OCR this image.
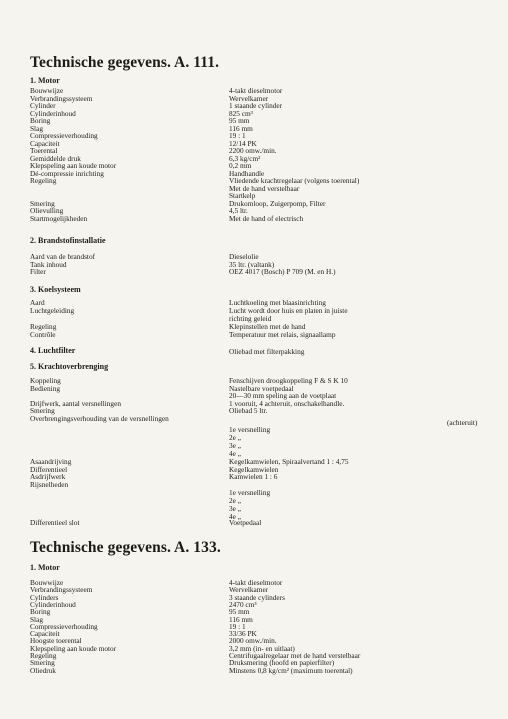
Technische gegevens. A. 111.
1. Motor
Bouwwijze	4-takt dieselmotor
Verbrandingssysteem	Wervelkamer
Cylinder	1 staande cylinder
Cylinderinhoud	825 cm³
Boring	95 mm
Slag	116 mm
Compressieverhouding	19 : 1
Capaciteit	12/14 PK
Toerental	2200 omw./min.
Gemiddelde druk	6,3 kg/cm²
Klepspeling aan koude motor	0,2 mm
Dé-compressie inrichting	Handhandle
Regeling	Vliedende krachtregelaar (volgens toerental)
Met de hand verstelbaar
Startkelp
Smering	Drukomloop, Zuigerpomp, Filter
Olievulling	4,5 ltr.
Startmogelijkheden	Met de hand of electrisch
2. Brandstofinstallatie
Aard van de brandstof	Dieselolie
Tank inhoud	35 ltr. (valtank)
Filter	OEZ 4017 (Bosch) P 709 (M. en H.)
3. Koelsysteem
Aard	Luchtkoeling met blaasinrichting
Luchtgeleiding	Lucht wordt door huis en platen in juiste
richting geleid
Regeling	Klepinstellen met de hand
Contrôle	Temperatuur met relais, signaallamp
4. Luchtfilter	Oliebad met filterpakking
5. Krachtoverbrenging
Koppeling	Fenschijven droogkoppeling F & S K 10
Bediening	Nastelbare voetpedaal
20—30 mm speling aan de voetplaat
Drijfwerk, aantal versnellingen	1 vooruit, 4 achteruit, onschakelhandle.
Smering	Oliebad 5 ltr.
Overbrengingsverhouding van de versnellingen	(achteruit)
1e versnelling
2e „
3e „
4e „
Asaandrijving	Kegelkamwielen, Spiraalvertand 1 : 4,75
Differentieel	Kegelkamwielen
Asdrijfwerk	Kamwielen 1 : 6
Rijsnelheden
1e versnelling
2e „
3e „
4e „
Differentieel slot	Voetpedaal
Technische gegevens. A. 133.
1. Motor
Bouwwijze	4-takt dieselmotor
Verbrandingssysteem	Wervelkamer
Cylinders	3 staande cylinders
Cylinderinhoud	2470 cm³
Boring	95 mm
Slag	116 mm
Compressieverhouding	19 : 1
Capaciteit	33/36 PK
Hoogste toerental	2000 omw./min.
Klepspeling aan koude motor	3,2 mm (in- en uitlaat)
Regeling	Centrifugaalregelaar met de hand verstelbaar
Smering	Druksmering (hoofd en papierfilter)
Oliedruk	Minstens 0,8 kg/cm² (maximum toerental)
